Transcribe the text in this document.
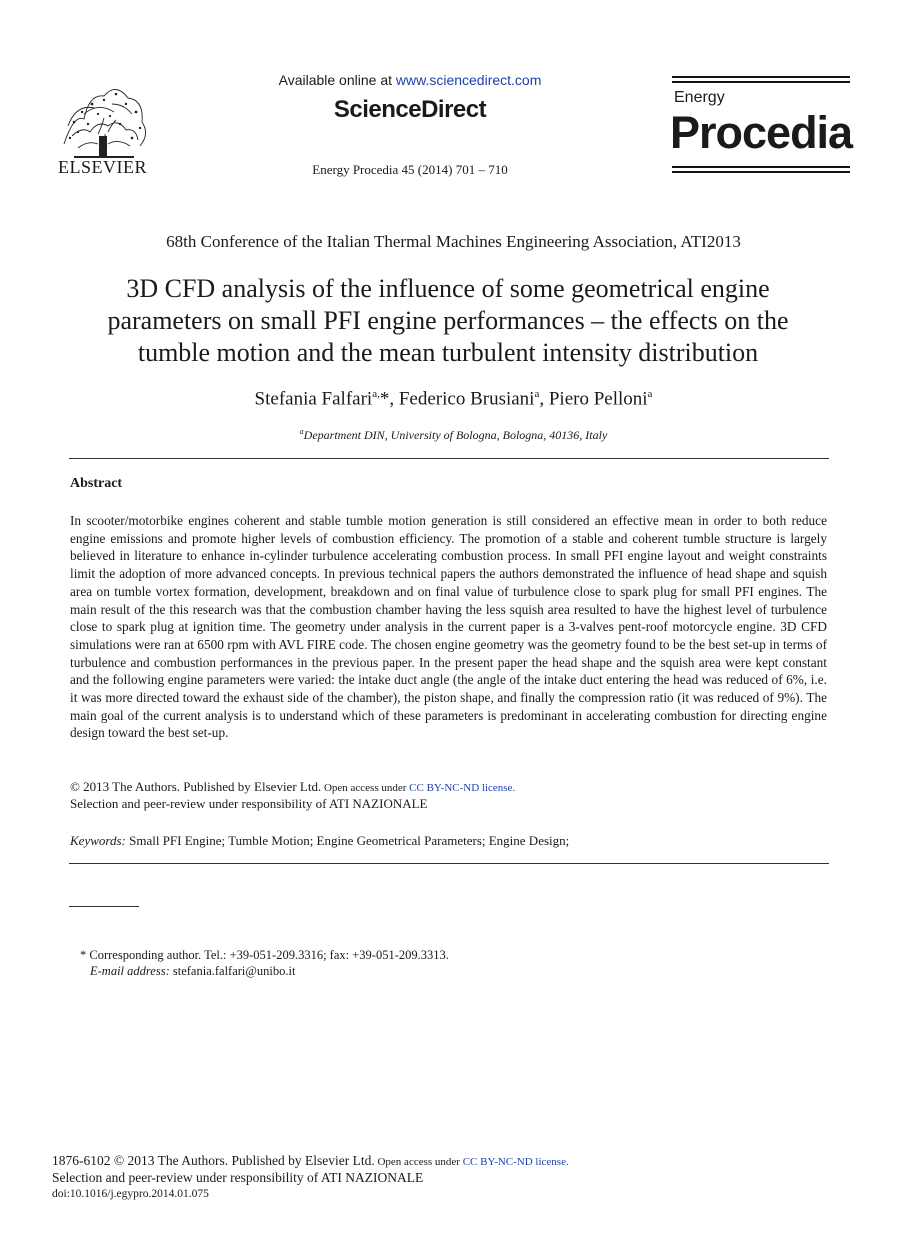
ELSEVIER
Available online at www.sciencedirect.com
ScienceDirect
Energy Procedia 45 (2014) 701 – 710
Energy
Procedia
68th Conference of the Italian Thermal Machines Engineering Association, ATI2013
3D CFD analysis of the influence of some geometrical engine
parameters on small PFI engine performances – the effects on the
tumble motion and the mean turbulent intensity distribution
Stefania Falfari$^{a,}$*, Federico Brusiani$^a$, Piero Pelloni$^a$
$^a$Department DIN, University of Bologna, Bologna, 40136, Italy
Abstract
In scooter/motorbike engines coherent and stable tumble motion generation is still considered an effective mean in order to both reduce engine emissions and promote higher levels of combustion efficiency. The promotion of a stable and coherent tumble structure is largely believed in literature to enhance in-cylinder turbulence accelerating combustion process. In small PFI engine layout and weight constraints limit the adoption of more advanced concepts. In previous technical papers the authors demonstrated the influence of head shape and squish area on tumble vortex formation, development, breakdown and on final value of turbulence close to spark plug for small PFI engines. The main result of the this research was that the combustion chamber having the less squish area resulted to have the highest level of turbulence close to spark plug at ignition time. The geometry under analysis in the current paper is a 3-valves pent-roof motorcycle engine. 3D CFD simulations were ran at 6500 rpm with AVL FIRE code. The chosen engine geometry was the geometry found to be the best set-up in terms of turbulence and combustion performances in the previous paper. In the present paper the head shape and the squish area were kept constant and the following engine parameters were varied: the intake duct angle (the angle of the intake duct entering the head was reduced of 6%, i.e. it was more directed toward the exhaust side of the chamber), the piston shape, and finally the compression ratio (it was reduced of 9%). The main goal of the current analysis is to understand which of these parameters is predominant in accelerating combustion for directing engine design toward the best set-up.
© 2013 The Authors. Published by Elsevier Ltd. Open access under CC BY-NC-ND license.
Selection and peer-review under responsibility of ATI NAZIONALE
Keywords: Small PFI Engine; Tumble Motion; Engine Geometrical Parameters; Engine Design;
* Corresponding author. Tel.: +39-051-209.3316; fax: +39-051-209.3313.
E-mail address: stefania.falfari@unibo.it
1876-6102 © 2013 The Authors. Published by Elsevier Ltd. Open access under CC BY-NC-ND license.
Selection and peer-review under responsibility of ATI NAZIONALE
doi:10.1016/j.egypro.2014.01.075
